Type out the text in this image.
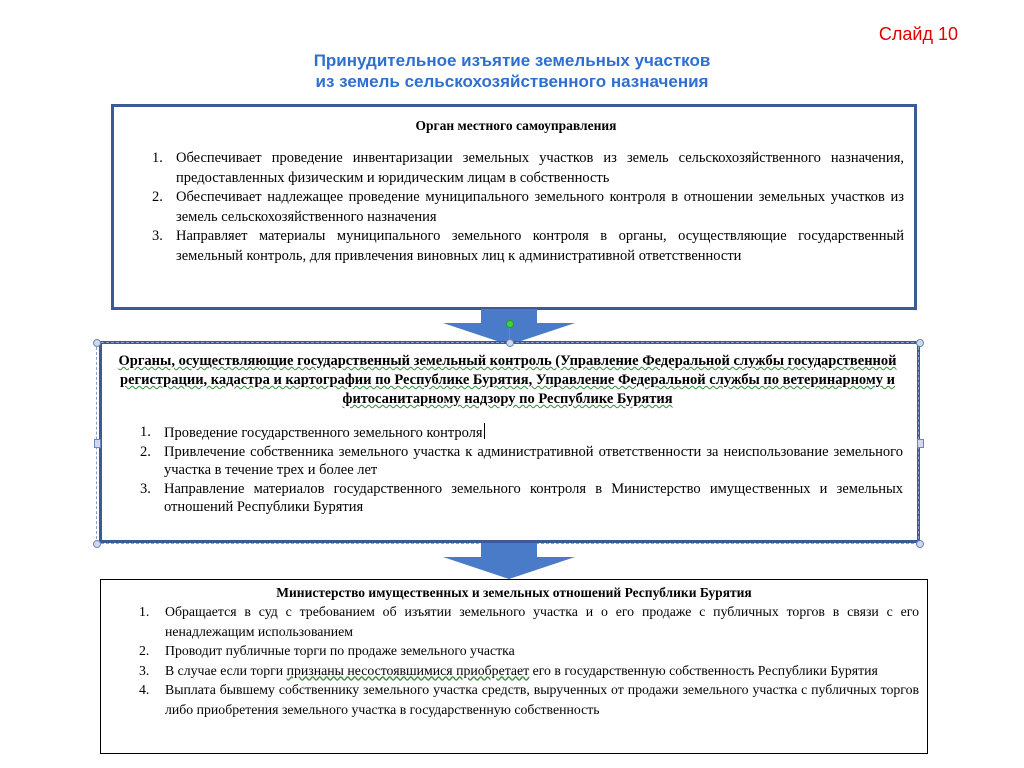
Слайд 10
Принудительное изъятие земельных участков
из земель сельскохозяйственного назначения
Орган местного самоуправления
1. Обеспечивает проведение инвентаризации земельных участков из земель сельскохозяйственного назначения, предоставленных физическим и юридическим лицам в собственность
2. Обеспечивает надлежащее проведение муниципального земельного контроля в отношении земельных участков из земель сельскохозяйственного назначения
3. Направляет материалы муниципального земельного контроля в органы, осуществляющие государственный земельный контроль, для привлечения виновных лиц к административной ответственности
Органы, осуществляющие государственный земельный контроль (Управление Федеральной службы государственной регистрации, кадастра и картографии по Республике Бурятия, Управление Федеральной службы по ветеринарному и фитосанитарному надзору по Республике Бурятия
1. Проведение государственного земельного контроля
2. Привлечение собственника земельного участка к административной ответственности за неиспользование земельного участка в течение трех и более лет
3. Направление материалов государственного земельного контроля в Министерство имущественных и земельных отношений Республики Бурятия
Министерство имущественных и земельных отношений Республики Бурятия
1. Обращается в суд с требованием об изъятии земельного участка и о его продаже с публичных торгов в связи с его ненадлежащим использованием
2. Проводит публичные торги по продаже земельного участка
3. В случае если торги признаны несостоявшимися приобретает его в государственную собственность Республики Бурятия
4. Выплата бывшему собственнику земельного участка средств, вырученных от продажи земельного участка с публичных торгов либо приобретения земельного участка в государственную собственность
